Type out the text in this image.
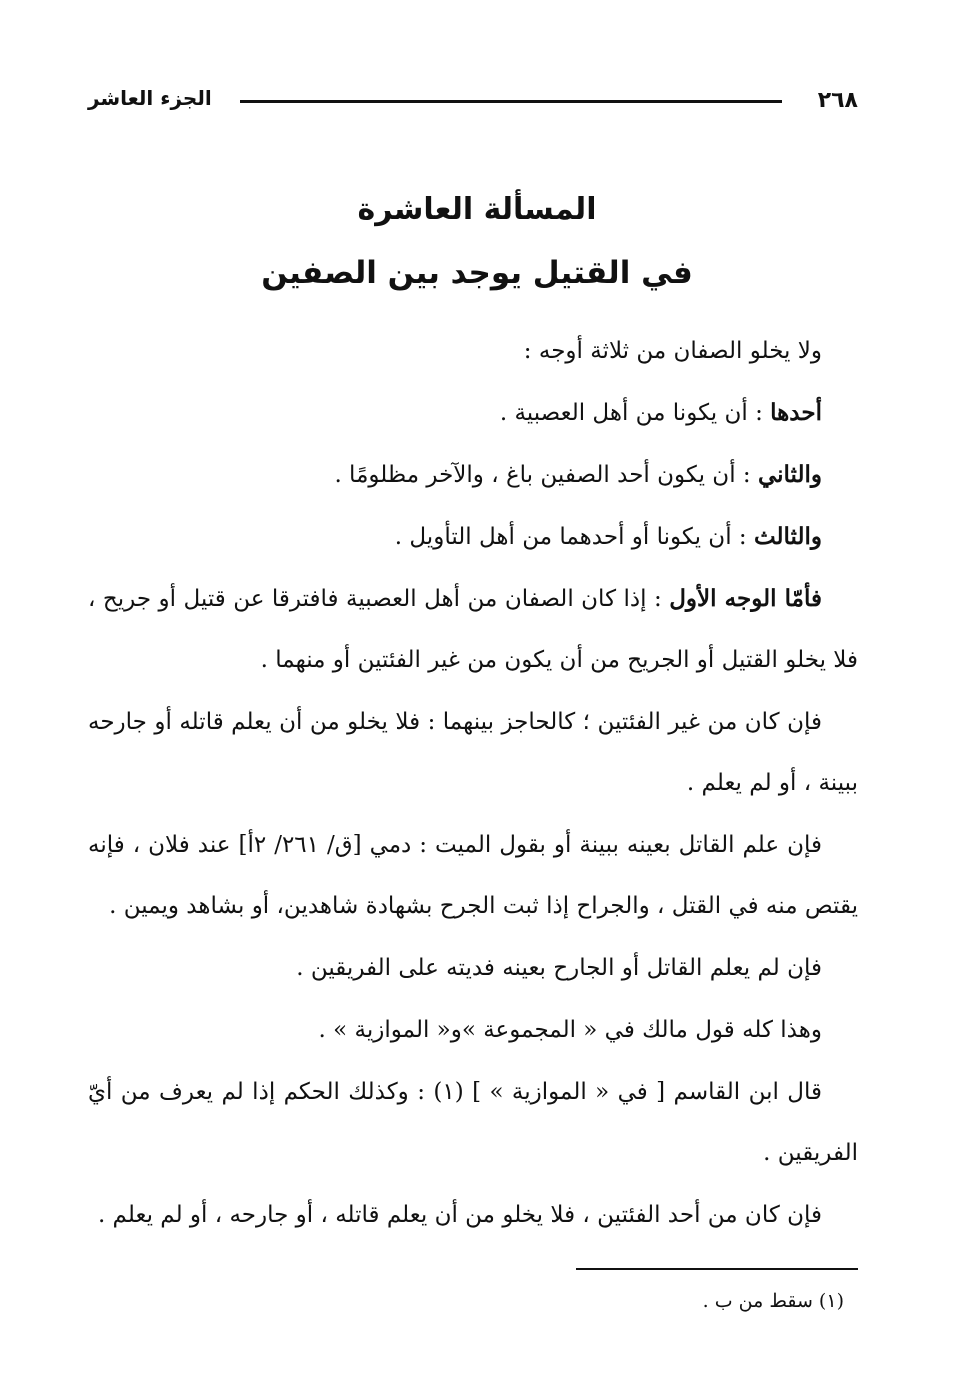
٢٦٨
الجزء العاشر
المسألة العاشرة
في القتيل يوجد بين الصفين

ولا يخلو الصفان من ثلاثة أوجه :

أحدها : أن يكونا من أهل العصبية .

والثاني : أن يكون أحد الصفين باغ ، والآخر مظلومًا .

والثالث : أن يكونا أو أحدهما من أهل التأويل .

فأمّا الوجه الأول : إذا كان الصفان من أهل العصبية فافترقا عن قتيل أو جريح ، فلا يخلو القتيل أو الجريح من أن يكون من غير الفئتين أو منهما .

فإن كان من غير الفئتين ؛ كالحاجز بينهما : فلا يخلو من أن يعلم قاتله أو جارحه ببينة ، أو لم يعلم .

فإن علم القاتل بعينه ببينة أو بقول الميت : دمي [ق/ ٢٦١/ ٢أ] عند فلان ، فإنه يقتص منه في القتل ، والجراح إذا ثبت الجرح بشهادة شاهدين، أو بشاهد ويمين .

فإن لم يعلم القاتل أو الجارح بعينه فديته على الفريقين .

وهذا كله قول مالك في « المجموعة »و« الموازية » .

قال ابن القاسم [ في « الموازية » ] (١) : وكذلك الحكم إذا لم يعرف من أيّ الفريقين .

فإن كان من أحد الفئتين ، فلا يخلو من أن يعلم قاتله ، أو جارحه ، أو لم يعلم .

(١) سقط من ب .
